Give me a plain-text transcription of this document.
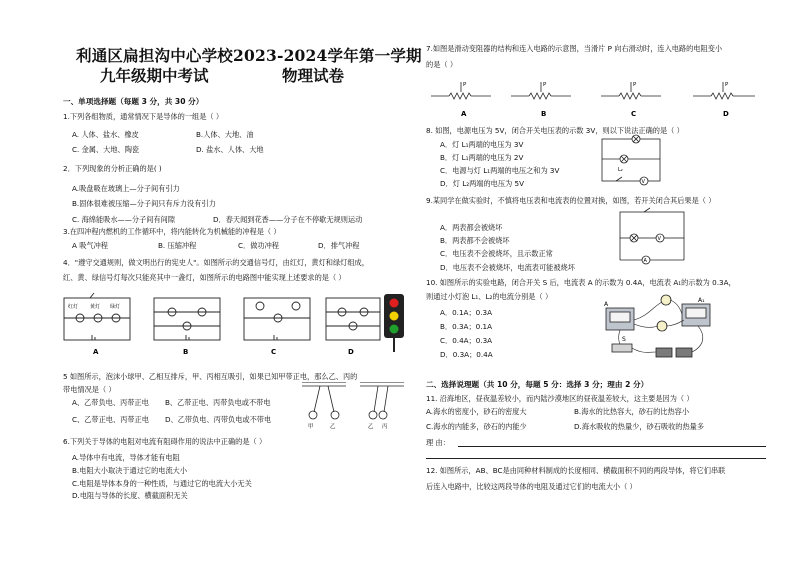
利通区扁担沟中心学校2023-2024学年第一学期
九年级期中考试	物理试卷
一、单项选择题（每题 3 分，共 30 分）
1.下列各组物质，通常情况下是导体的一组是（ ）
A. 人体、盐水、橡皮	B.人体、大地、油
C. 金属、大地、陶瓷	D. 盐水、人体、大地
2．下列现象的分析正确的是( )
A.吸盘吸在玻璃上—分子间有引力
B.固体很难被压缩—分子间只有斥力没有引力
C. 海绵能吸水——分子间有间隙	D．春天闻到花香——分子在不停歇无规则运动
3.在四冲程内燃机的工作循环中，将内能转化为机械能的冲程是（ ）
A 吸气冲程	B. 压缩冲程	C．做功冲程	D．排气冲程
4．"遵守交通规则，做文明出行的宪史人"。如图所示的交通信号灯，由红灯，黄灯和绿灯组成，
红、黄、绿信号灯每次只能亮其中一盏灯，如图所示的电路图中能实现上述要求的是（ ）
A	B	C	D
红灯 黄灯 绿灯
5 如图所示，泡沫小球甲、乙相互排斥，甲、丙相互吸引，如果已知甲带正电，那么乙、丙的
带电情况是（ ）
A、乙带负电、丙带正电 B、乙带正电、丙带负电或不带电
C、乙带正电、丙带正电 D、乙带负电、丙带负电或不带电
甲	乙	乙 丙
6.下列关于导体的电阻对电流有阻碍作用的说法中正确的是（ ）
A.导体中有电流，导体才能有电阻
B.电阻大小取决于通过它的电流大小
C.电阻是导体本身的一种性质，与通过它的电流大小无关
D.电阻与导体的长度、横截面积无关
7.如图是滑动变阻器的结构和连入电路的示意图，当滑片 P 向右滑动时，连入电路的电阻变小
的是（ ）
P	P	P	P
A	B	C	D
8. 如图，电源电压为 5V，闭合开关电压表的示数 3V，则以下说法正确的是（ ）
A．灯 L₁两端的电压为 3V
B．灯 L₁两端的电压为 2V
C．电源与灯 L₁两端的电压之和为 3V
D．灯 L₂两端的电压为 5V	V
L₂
9.某同学在做实验时，不慎将电压表和电流表的位置对换，如图，若开关闭合其后果是（ ）
A．两表都会被烧坏
B．两表都不会被烧坏
C．电压表不会被烧坏，且示数正常
D．电压表不会被烧坏，电流表可能被烧坏
V
A
10. 如图所示的实验电路，闭合开关 S 后，电流表 A 的示数为 0.4A，电流表 A₁的示数为 0.3A，
则通过小灯泡 L₁、L₂的电流分别是（ ）
A．0.1A；0.3A
B．0.3A；0.1A
C．0.4A；0.3A
D．0.3A；0.4A
A
A₁
S
二、选择说理题（共 10 分，每题 5 分：选择 3 分；理由 2 分）
11. 沿海地区，昼夜温差较小，而内陆沙漠地区的昼夜温差较大，这主要是因为（ ）
A.海水的密度小，砂石的密度大	B.海水的比热容大，砂石的比热容小
C.海水的内能多，砂石的内能少	D.海水吸收的热量少，砂石吸收的热量多
理 由：
12. 如图所示，AB、BC是由同种材料制成的长度相同、横截面积不同的两段导体，将它们串联
后连入电路中，比较这两段导体的电阻及通过它们的电流大小（ ）
